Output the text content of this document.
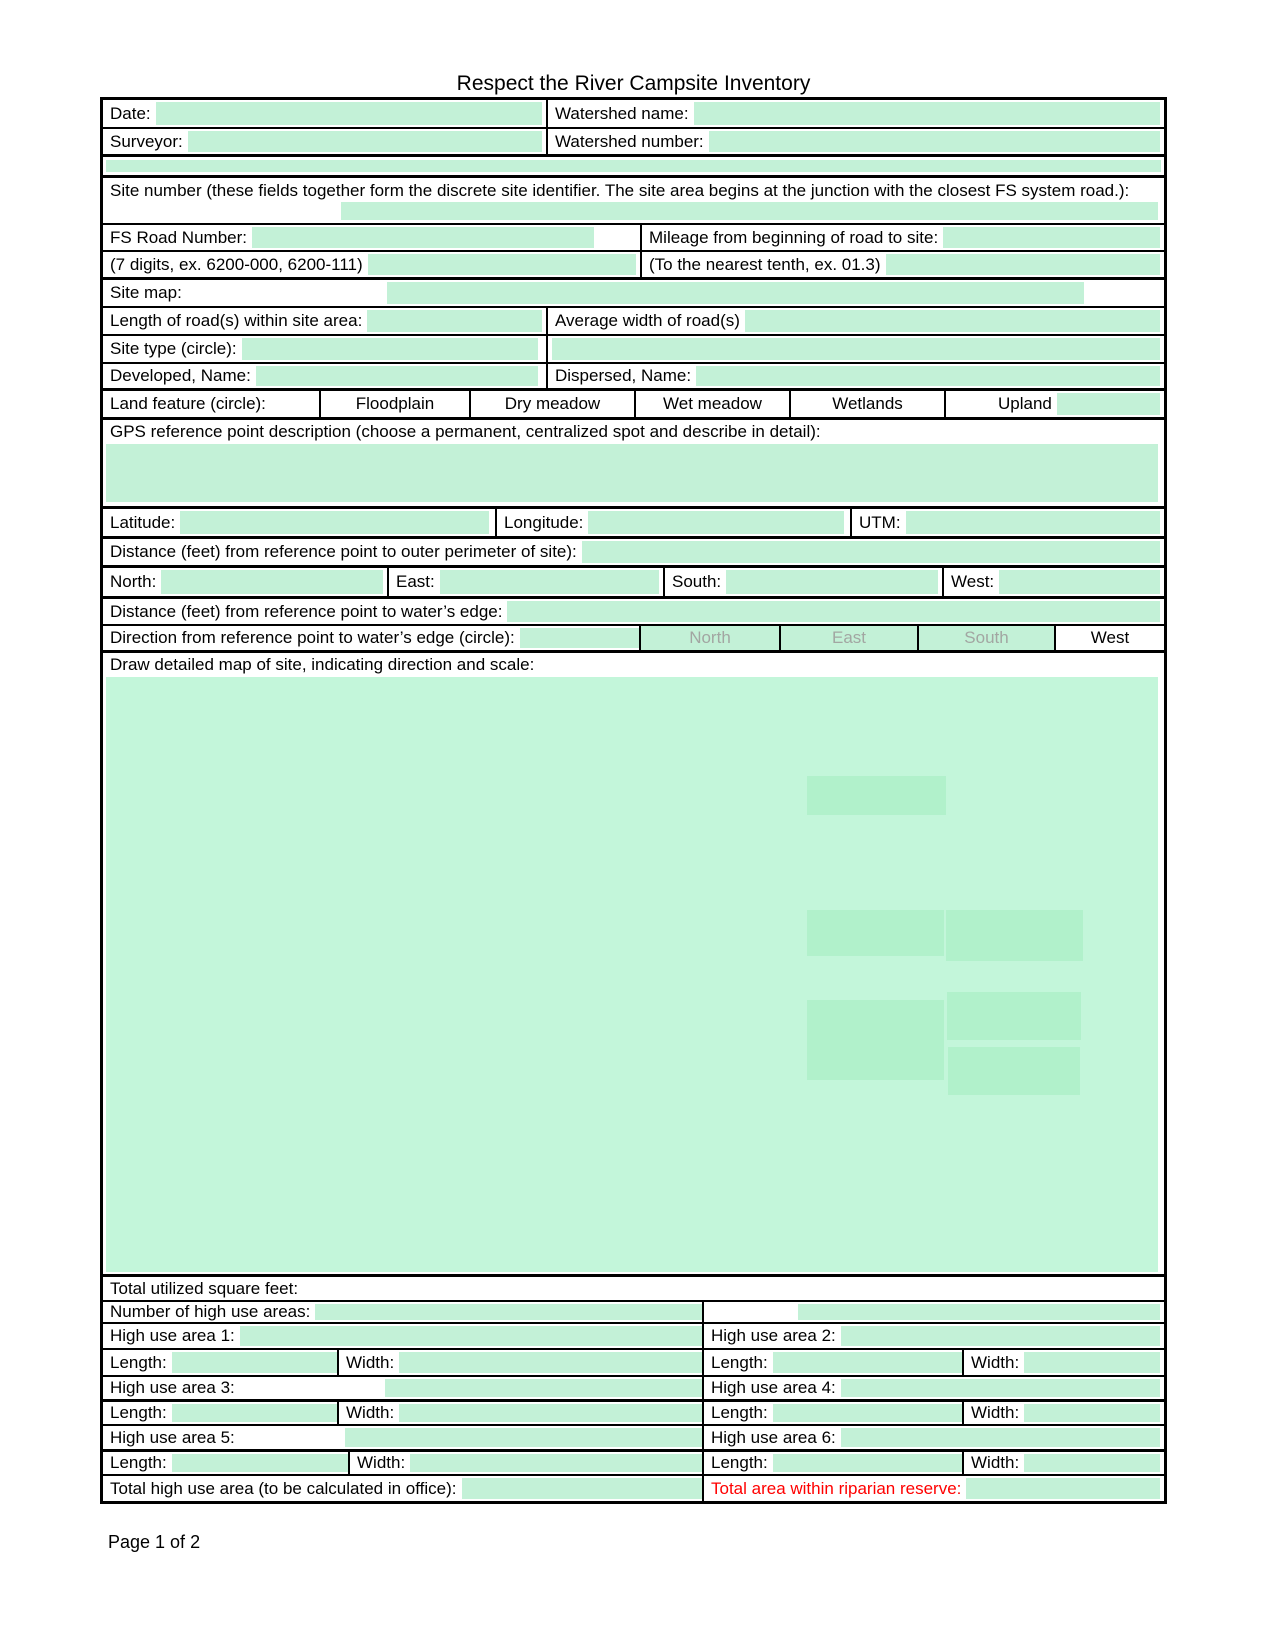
Respect the River Campsite Inventory
Date:	Watershed name:
Surveyor:	Watershed number:
Site number (these fields together form the discrete site identifier. The site area begins at the junction with the closest FS system road.):
FS Road Number:	Mileage from beginning of road to site:
(7 digits, ex. 6200-000, 6200-111)	(To the nearest tenth, ex. 01.3)
Site map:
Length of road(s) within site area:	Average width of road(s)
Site type (circle):
Developed, Name:	Dispersed, Name:
Land feature (circle):	Floodplain	Dry meadow	Wet meadow	Wetlands	Upland
GPS reference point description (choose a permanent, centralized spot and describe in detail):
Latitude:	Longitude:	UTM:
Distance (feet) from reference point to outer perimeter of site):
North:	East:	South:	West:
Distance (feet) from reference point to water’s edge:
Direction from reference point to water’s edge (circle):	North	East	South	West
Draw detailed map of site, indicating direction and scale:
Total utilized square feet:
Number of high use areas:
High use area 1:	High use area 2:
Length:	Width:	Length:	Width:
High use area 3:	High use area 4:
Length:	Width:	Length:	Width:
High use area 5:	High use area 6:
Length:	Width:	Length:	Width:
Total high use area (to be calculated in office):	Total area within riparian reserve:
Page 1 of 2
